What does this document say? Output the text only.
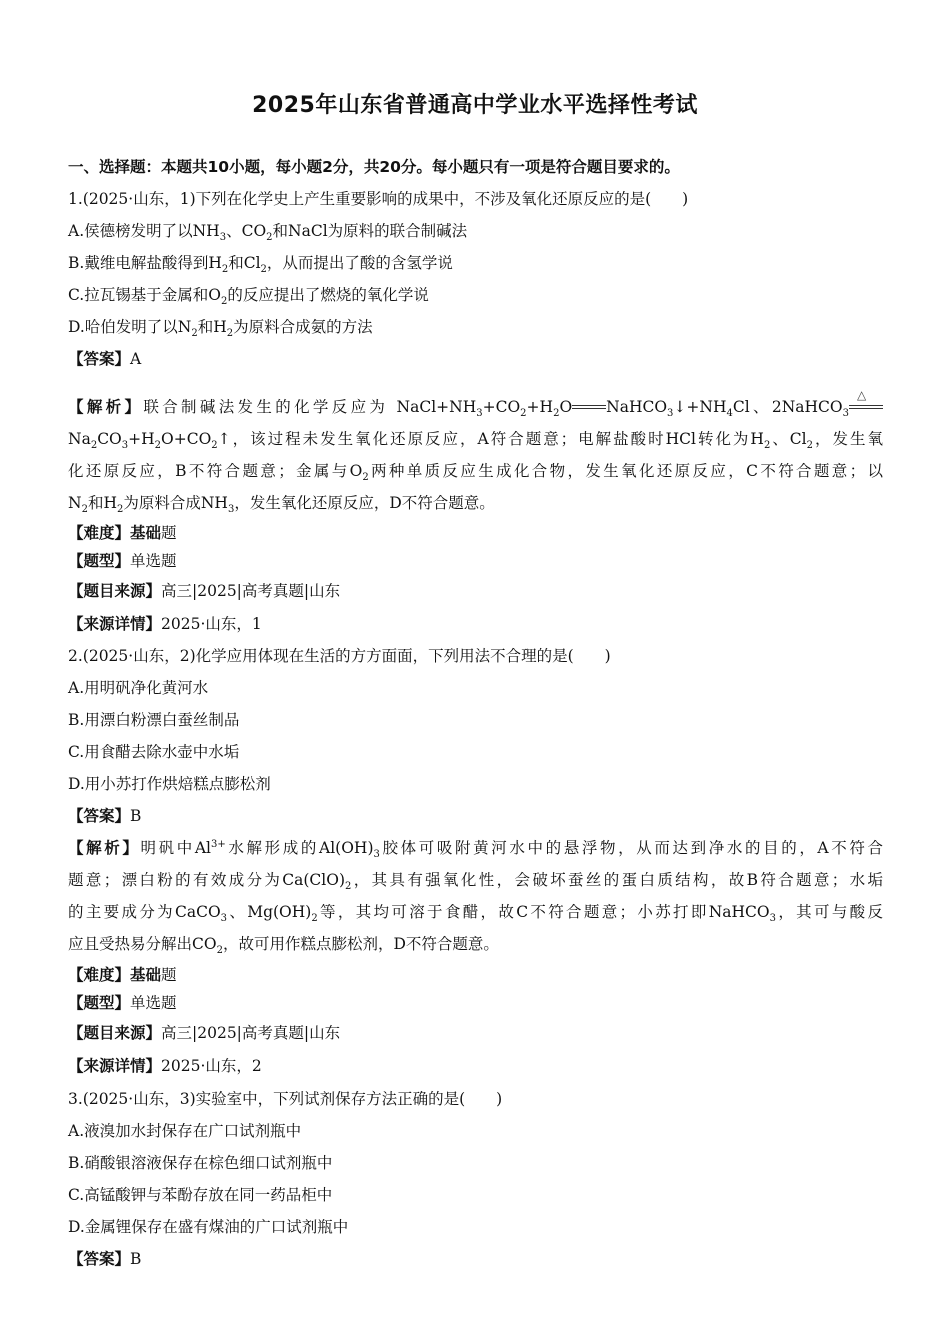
2025年山东省普通高中学业水平选择性考试
一、选择题：本题共10小题，每小题2分，共20分。每小题只有一项是符合题目要求的。
1.(2025·山东，1)下列在化学史上产生重要影响的成果中，不涉及氧化还原反应的是(　　)
A.侯德榜发明了以$NH_3$、$CO_2$和NaCl为原料的联合制碱法
B.戴维电解盐酸得到$H_2$和$Cl_2$，从而提出了酸的含氢学说
C.拉瓦锡基于金属和$O_2$的反应提出了燃烧的氧化学说
D.哈伯发明了以$N_2$和$H_2$为原料合成氨的方法
【答案】A
【解析】联合制碱法发生的化学反应为 $NaCl+NH_3+CO_2+H_2O$ $NaHCO_3↓+NH_4Cl$、2NaHCO$_3$
△
$Na_2CO_3+H_2O+CO_2↑$，该过程未发生氧化还原反应，A符合题意；电解盐酸时HCl转化为$H_2$、$Cl_2$，发生氧
化还原反应，B不符合题意；金属与$O_2$两种单质反应生成化合物，发生氧化还原反应，C不符合题意；以
$N_2$和$H_2$为原料合成$NH_3$，发生氧化还原反应，D不符合题意。
【难度】基础题
【题型】单选题
【题目来源】高三|2025|高考真题|山东
【来源详情】2025·山东，1
2.(2025·山东，2)化学应用体现在生活的方方面面，下列用法不合理的是(　　)
A.用明矾净化黄河水
B.用漂白粉漂白蚕丝制品
C.用食醋去除水壶中水垢
D.用小苏打作烘焙糕点膨松剂
【答案】B
【解析】明矾中$Al^{3+}$水解形成的$Al(OH)_3$胶体可吸附黄河水中的悬浮物，从而达到净水的目的，A不符合
题意；漂白粉的有效成分为$Ca(ClO)_2$，其具有强氧化性，会破坏蚕丝的蛋白质结构，故B符合题意；水垢
的主要成分为CaCO$_3$、$Mg(OH)_2$等，其均可溶于食醋，故C不符合题意；小苏打即NaHCO$_3$，其可与酸反
应且受热易分解出$CO_2$，故可用作糕点膨松剂，D不符合题意。
【难度】基础题
【题型】单选题
【题目来源】高三|2025|高考真题|山东
【来源详情】2025·山东，2
3.(2025·山东，3)实验室中，下列试剂保存方法正确的是(　　)
A.液溴加水封保存在广口试剂瓶中
B.硝酸银溶液保存在棕色细口试剂瓶中
C.高锰酸钾与苯酚存放在同一药品柜中
D.金属锂保存在盛有煤油的广口试剂瓶中
【答案】B
